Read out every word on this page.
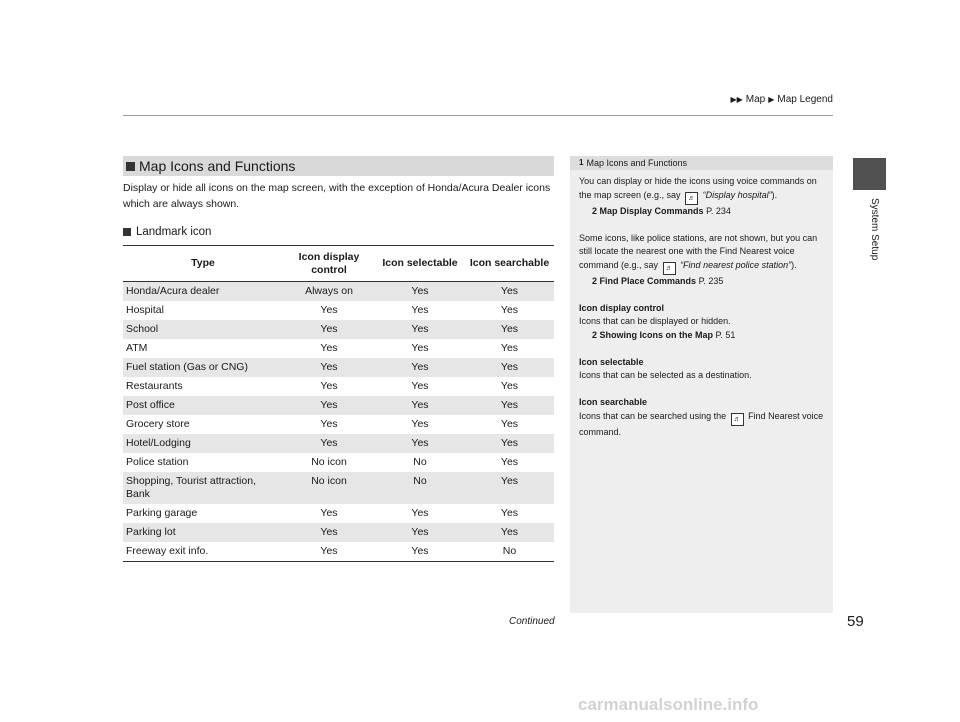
▶▶ Map ▶ Map Legend
System Setup
Map Icons and Functions
Display or hide all icons on the map screen, with the exception of Honda/Acura Dealer icons which are always shown.
Landmark icon
Type	Icon display control	Icon selectable	Icon searchable
Honda/Acura dealer	Always on	Yes	Yes
Hospital	Yes	Yes	Yes
School	Yes	Yes	Yes
ATM	Yes	Yes	Yes
Fuel station (Gas or CNG)	Yes	Yes	Yes
Restaurants	Yes	Yes	Yes
Post office	Yes	Yes	Yes
Grocery store	Yes	Yes	Yes
Hotel/Lodging	Yes	Yes	Yes
Police station	No icon	No	Yes
Shopping, Tourist attraction, Bank	No icon	No	Yes
Parking garage	Yes	Yes	Yes
Parking lot	Yes	Yes	Yes
Freeway exit info.	Yes	Yes	No
1 Map Icons and Functions

You can display or hide the icons using voice commands on the map screen (e.g., say ♬ “Display hospital”).

2 Map Display Commands P. 234

Some icons, like police stations, are not shown, but you can still locate the nearest one with the Find Nearest voice command (e.g., say ♬ “Find nearest police station”).

2 Find Place Commands P. 235

Icon display control

Icons that can be displayed or hidden.

2 Showing Icons on the Map P. 51

Icon selectable

Icons that can be selected as a destination.

Icon searchable

Icons that can be searched using the ♬ Find Nearest voice command.

Continued	59
carmanualsonline.info
